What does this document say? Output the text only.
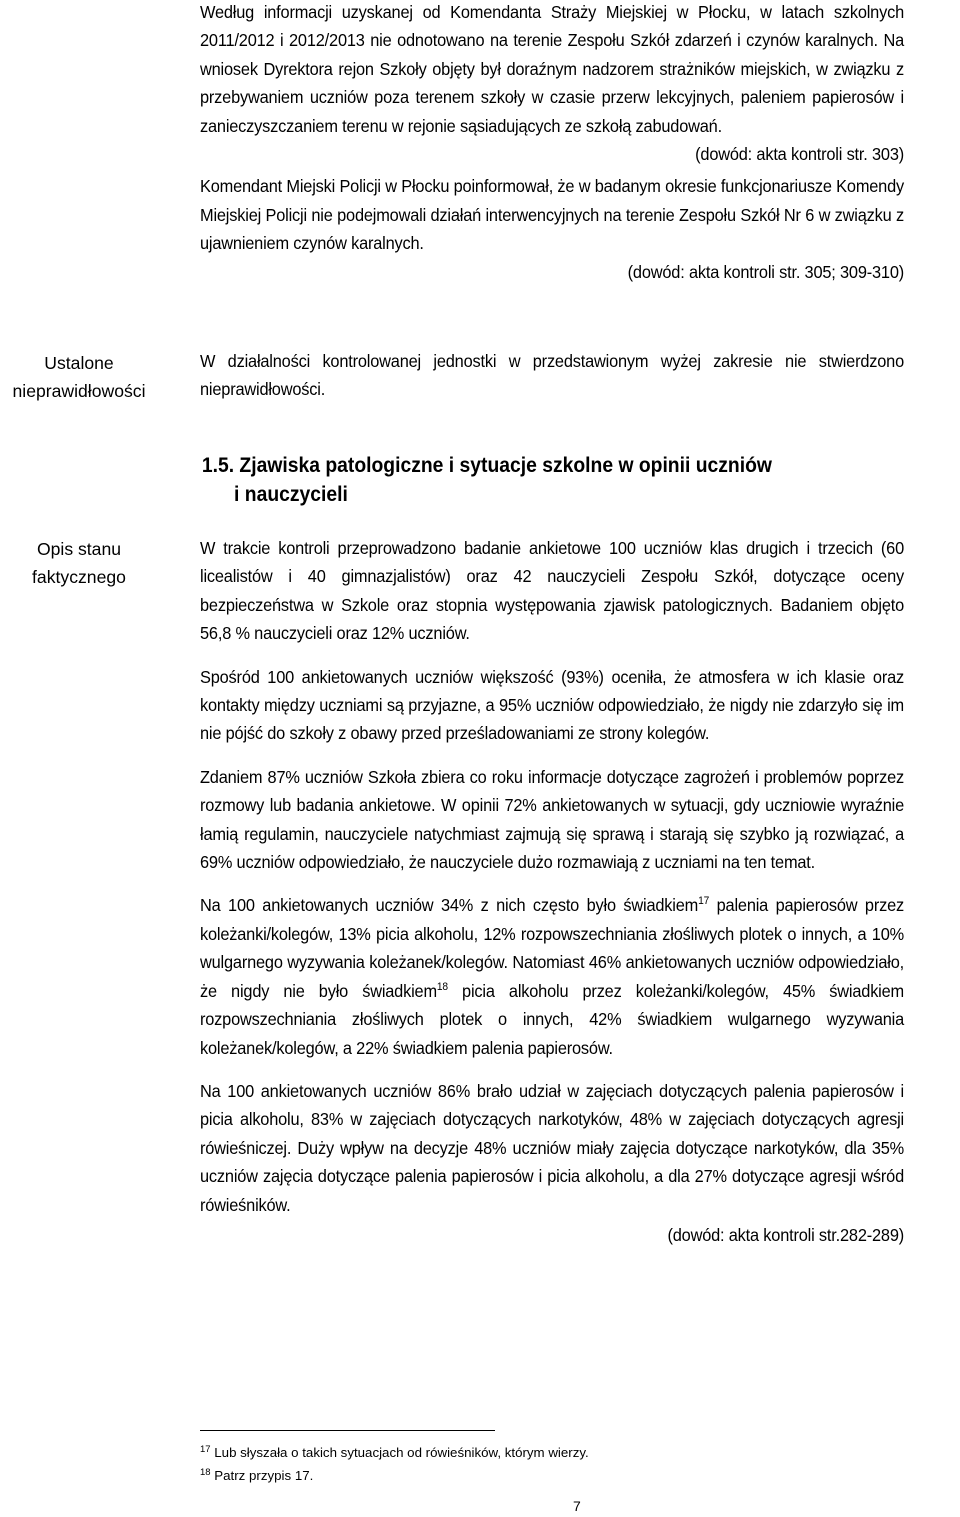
Według informacji uzyskanej od Komendanta Straży Miejskiej w Płocku, w latach szkolnych 2011/2012 i 2012/2013 nie odnotowano na terenie Zespołu Szkół zdarzeń i czynów karalnych. Na wniosek Dyrektora rejon Szkoły objęty był doraźnym nadzorem strażników miejskich, w związku z przebywaniem uczniów poza terenem szkoły w czasie przerw lekcyjnych, paleniem papierosów i zanieczyszczaniem terenu w rejonie sąsiadujących ze szkołą zabudowań.

(dowód: akta kontroli str. 303)

Komendant Miejski Policji w Płocku poinformował, że w badanym okresie funkcjonariusze Komendy Miejskiej Policji nie podejmowali działań interwencyjnych na terenie Zespołu Szkół Nr 6 w związku z ujawnieniem czynów karalnych.

(dowód: akta kontroli str. 305; 309-310)

Ustalone
nieprawidłowości

W działalności kontrolowanej jednostki w przedstawionym wyżej zakresie nie stwierdzono nieprawidłowości.

1.5. Zjawiska patologiczne i sytuacje szkolne w opinii uczniów
i nauczycieli
Opis stanu
faktycznego

W trakcie kontroli przeprowadzono badanie ankietowe 100 uczniów klas drugich i trzecich (60 licealistów i 40 gimnazjalistów) oraz 42 nauczycieli Zespołu Szkół, dotyczące oceny bezpieczeństwa w Szkole oraz stopnia występowania zjawisk patologicznych. Badaniem objęto 56,8 % nauczycieli oraz 12% uczniów.

Spośród 100 ankietowanych uczniów większość (93%) oceniła, że atmosfera w ich klasie oraz kontakty między uczniami są przyjazne, a 95% uczniów odpowiedziało, że nigdy nie zdarzyło się im nie pójść do szkoły z obawy przed prześladowaniami ze strony kolegów.

Zdaniem 87% uczniów Szkoła zbiera co roku informacje dotyczące zagrożeń i problemów poprzez rozmowy lub badania ankietowe. W opinii 72% ankietowanych w sytuacji, gdy uczniowie wyraźnie łamią regulamin, nauczyciele natychmiast zajmują się sprawą i starają się szybko ją rozwiązać, a 69% uczniów odpowiedziało, że nauczyciele dużo rozmawiają z uczniami na ten temat.

Na 100 ankietowanych uczniów 34% z nich często było świadkiem$^{17}$ palenia papierosów przez koleżanki/kolegów, 13% picia alkoholu, 12% rozpowszechniania złośliwych plotek o innych, a 10% wulgarnego wyzywania koleżanek/kolegów. Natomiast 46% ankietowanych uczniów odpowiedziało, że nigdy nie było świadkiem$^{18}$ picia alkoholu przez koleżanki/kolegów, 45% świadkiem rozpowszechniania złośliwych plotek o innych, 42% świadkiem wulgarnego wyzywania koleżanek/kolegów, a 22% świadkiem palenia papierosów.

Na 100 ankietowanych uczniów 86% brało udział w zajęciach dotyczących palenia papierosów i picia alkoholu, 83% w zajęciach dotyczących narkotyków, 48% w zajęciach dotyczących agresji rówieśniczej. Duży wpływ na decyzje 48% uczniów miały zajęcia dotyczące narkotyków, dla 35% uczniów zajęcia dotyczące palenia papierosów i picia alkoholu, a dla 27% dotyczące agresji wśród rówieśników.

(dowód: akta kontroli str.282-289)

$^{17}$ Lub słyszała o takich sytuacjach od rówieśników, którym wierzy.
$^{18}$ Patrz przypis 17.
7
